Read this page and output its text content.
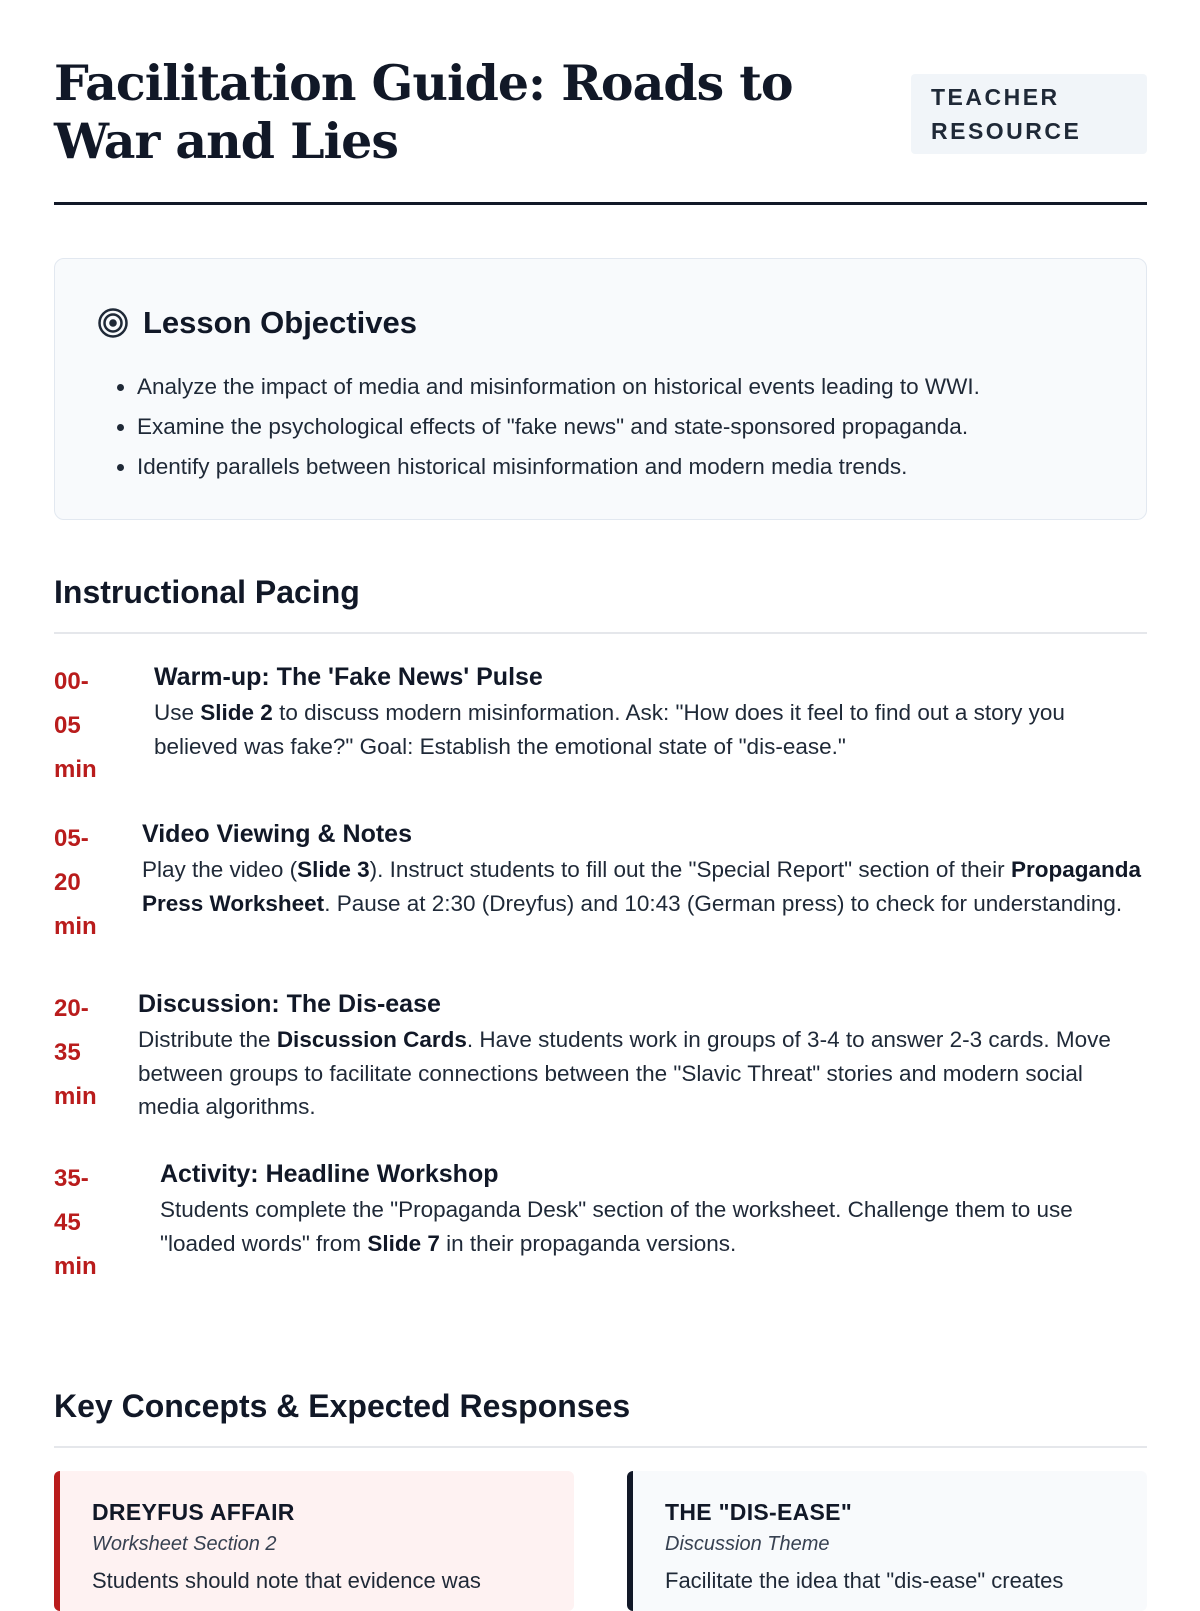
Facilitation Guide: Roads to War and Lies
TEACHER
RESOURCE
Lesson Objectives
• Analyze the impact of media and misinformation on historical events leading to WWI.
• Examine the psychological effects of "fake news" and state-sponsored propaganda.
• Identify parallels between historical misinformation and modern media trends.
Instructional Pacing
00-
05
min
Warm-up: The 'Fake News' Pulse

Use Slide 2 to discuss modern misinformation. Ask: "How does it feel to find out a story you believed was fake?" Goal: Establish the emotional state of "dis-ease."

05-
20
min
Video Viewing & Notes

Play the video (Slide 3). Instruct students to fill out the "Special Report" section of their Propaganda Press Worksheet. Pause at 2:30 (Dreyfus) and 10:43 (German press) to check for understanding.

20-
35
min
Discussion: The Dis-ease

Distribute the Discussion Cards. Have students work in groups of 3-4 to answer 2-3 cards. Move between groups to facilitate connections between the "Slavic Threat" stories and modern social media algorithms.

35-
45
min
Activity: Headline Workshop

Students complete the "Propaganda Desk" section of the worksheet. Challenge them to use "loaded words" from Slide 7 in their propaganda versions.

Key Concepts & Expected Responses
DREYFUS AFFAIR
Worksheet Section 2
Students should note that evidence was
THE "DIS-EASE"
Discussion Theme
Facilitate the idea that "dis-ease" creates
